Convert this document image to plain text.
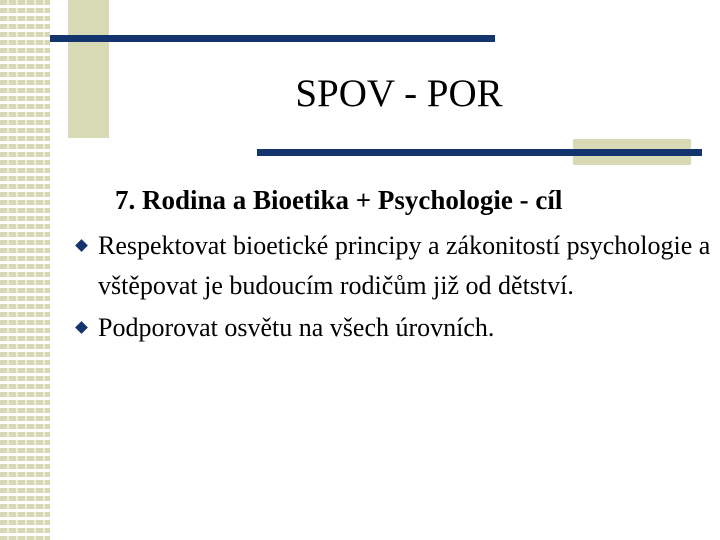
SPOV - POR
7. Rodina a Bioetika + Psychologie - cíl
Respektovat bioetické principy a zákonitostí psychologie a vštěpovat je budoucím rodičům již od dětství.
Podporovat osvětu na všech úrovních.
